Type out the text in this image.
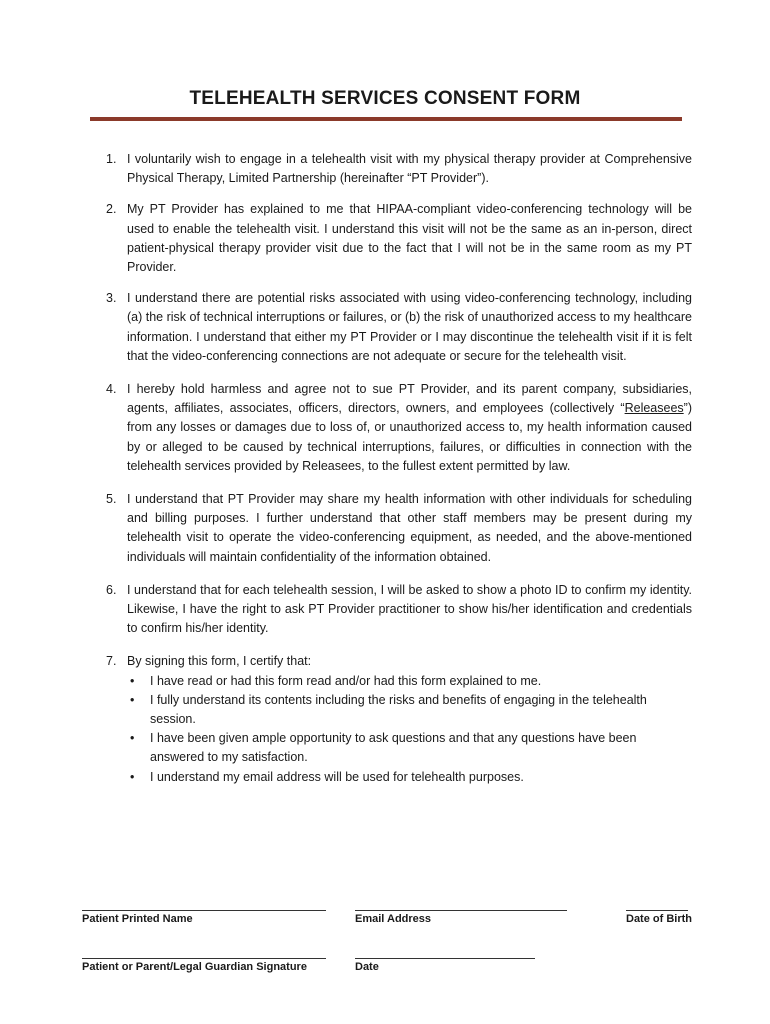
TELEHEALTH SERVICES CONSENT FORM
1. I voluntarily wish to engage in a telehealth visit with my physical therapy provider at Comprehensive Physical Therapy, Limited Partnership (hereinafter “PT Provider”).
2. My PT Provider has explained to me that HIPAA-compliant video-conferencing technology will be used to enable the telehealth visit. I understand this visit will not be the same as an in-person, direct patient-physical therapy provider visit due to the fact that I will not be in the same room as my PT Provider.
3. I understand there are potential risks associated with using video-conferencing technology, including (a) the risk of technical interruptions or failures, or (b) the risk of unauthorized access to my healthcare information. I understand that either my PT Provider or I may discontinue the telehealth visit if it is felt that the video-conferencing connections are not adequate or secure for the telehealth visit.
4. I hereby hold harmless and agree not to sue PT Provider, and its parent company, subsidiaries, agents, affiliates, associates, officers, directors, owners, and employees (collectively “Releasees”) from any losses or damages due to loss of, or unauthorized access to, my health information caused by or alleged to be caused by technical interruptions, failures, or difficulties in connection with the telehealth services provided by Releasees, to the fullest extent permitted by law.
5. I understand that PT Provider may share my health information with other individuals for scheduling and billing purposes. I further understand that other staff members may be present during my telehealth visit to operate the video-conferencing equipment, as needed, and the above-mentioned individuals will maintain confidentiality of the information obtained.
6. I understand that for each telehealth session, I will be asked to show a photo ID to confirm my identity. Likewise, I have the right to ask PT Provider practitioner to show his/her identification and credentials to confirm his/her identity.
7. By signing this form, I certify that:
• I have read or had this form read and/or had this form explained to me.
• I fully understand its contents including the risks and benefits of engaging in the telehealth session.
• I have been given ample opportunity to ask questions and that any questions have been answered to my satisfaction.
• I understand my email address will be used for telehealth purposes.
Patient Printed Name	Email Address	Date of Birth
Patient or Parent/Legal Guardian Signature	Date
